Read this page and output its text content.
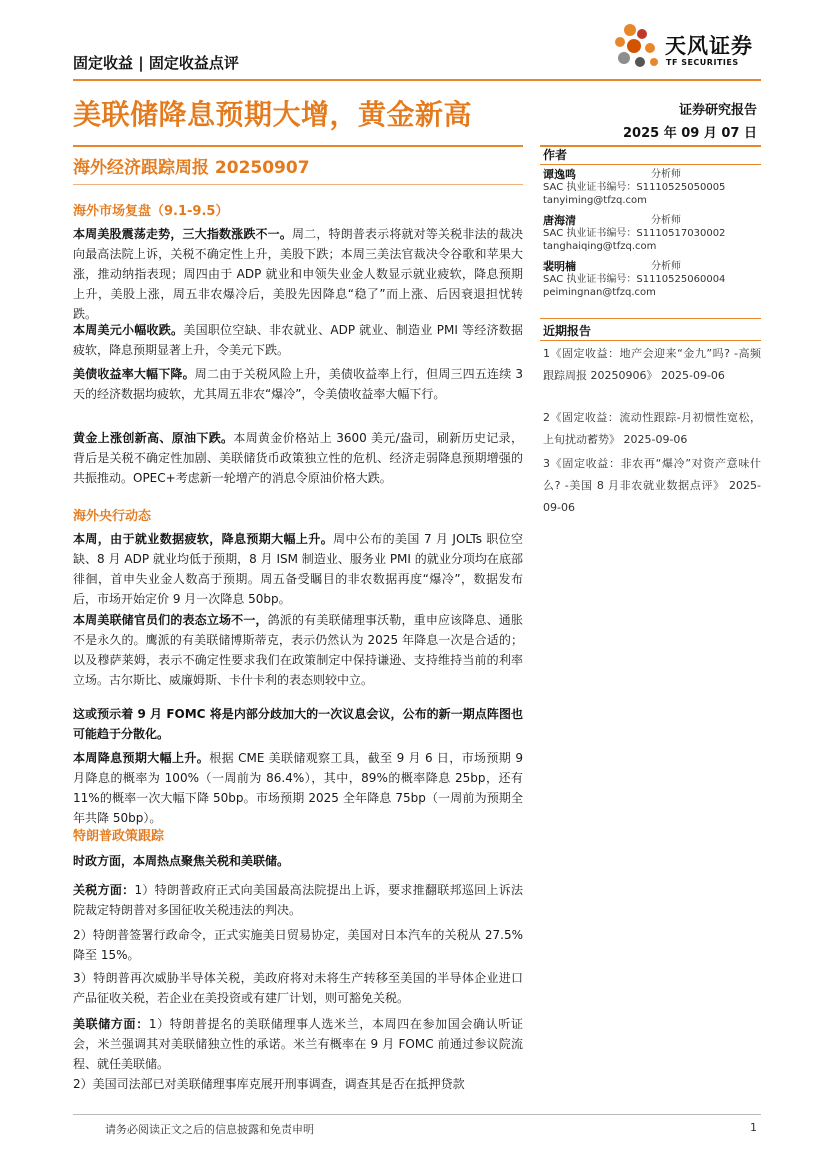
固定收益 | 固定收益点评
天风证券
TF SECURITIES
美联储降息预期大增，黄金新高	证券研究报告
2025 年 09 月 07 日
海外经济跟踪周报 20250907
作者
谭逸鸣	分析师
SAC 执业证书编号：S1110525050005
tanyiming@tfzq.com
唐海清	分析师
SAC 执业证书编号：S1110517030002
tanghaiqing@tfzq.com
裴明楠	分析师
SAC 执业证书编号：S1110525060004
peimingnan@tfzq.com
近期报告
1《固定收益：地产会迎来“金九”吗? -高频跟踪周报 20250906》 2025-09-06
2《固定收益：流动性跟踪-月初惯性宽松，上旬扰动蓄势》 2025-09-06
3《固定收益：非农再“爆冷”对资产意味什么? -美国 8 月非农就业数据点评》 2025-09-06

海外市场复盘（9.1-9.5）

本周美股震荡走势，三大指数涨跌不一。周二，特朗普表示将就对等关税非法的裁决向最高法院上诉，关税不确定性上升，美股下跌；本周三美法官裁决令谷歌和苹果大涨，推动纳指表现；周四由于 ADP 就业和申领失业金人数显示就业疲软，降息预期上升，美股上涨，周五非农爆冷后，美股先因降息“稳了”而上涨、后因衰退担忧转跌。

本周美元小幅收跌。美国职位空缺、非农就业、ADP 就业、制造业 PMI 等经济数据疲软，降息预期显著上升，令美元下跌。

美债收益率大幅下降。周二由于关税风险上升，美债收益率上行，但周三四五连续 3 天的经济数据均疲软，尤其周五非农“爆冷”，令美债收益率大幅下行。

黄金上涨创新高、原油下跌。本周黄金价格站上 3600 美元/盎司，刷新历史记录，背后是关税不确定性加剧、美联储货币政策独立性的危机、经济走弱降息预期增强的共振推动。OPEC+考虑新一轮增产的消息令原油价格大跌。

海外央行动态

本周，由于就业数据疲软，降息预期大幅上升。周中公布的美国 7 月 JOLTs 职位空缺、8 月 ADP 就业均低于预期，8 月 ISM 制造业、服务业 PMI 的就业分项均在底部徘徊，首申失业金人数高于预期。周五备受瞩目的非农数据再度“爆冷”，数据发布后，市场开始定价 9 月一次降息 50bp。

本周美联储官员们的表态立场不一，鸽派的有美联储理事沃勒，重申应该降息、通胀不是永久的。鹰派的有美联储博斯蒂克，表示仍然认为 2025 年降息一次是合适的；以及穆萨莱姆，表示不确定性要求我们在政策制定中保持谦逊、支持维持当前的利率立场。古尔斯比、威廉姆斯、卡什卡利的表态则较中立。

这或预示着 9 月 FOMC 将是内部分歧加大的一次议息会议，公布的新一期点阵图也可能趋于分散化。

本周降息预期大幅上升。根据 CME 美联储观察工具，截至 9 月 6 日，市场预期 9 月降息的概率为 100%（一周前为 86.4%），其中，89%的概率降息 25bp，还有 11%的概率一次大幅下降 50bp。市场预期 2025 全年降息 75bp（一周前为预期全年共降 50bp）。

特朗普政策跟踪

时政方面，本周热点聚焦关税和美联储。

关税方面：1）特朗普政府正式向美国最高法院提出上诉，要求推翻联邦巡回上诉法院裁定特朗普对多国征收关税违法的判决。

2）特朗普签署行政命令，正式实施美日贸易协定，美国对日本汽车的关税从 27.5%降至 15%。

3）特朗普再次威胁半导体关税，美政府将对未将生产转移至美国的半导体企业进口产品征收关税，若企业在美投资或有建厂计划，则可豁免关税。

美联储方面：1）特朗普提名的美联储理事人选米兰，本周四在参加国会确认听证会，米兰强调其对美联储独立性的承诺。米兰有概率在 9 月 FOMC 前通过参议院流程、就任美联储。

2）美国司法部已对美联储理事库克展开刑事调查，调查其是否在抵押贷款

请务必阅读正文之后的信息披露和免责申明	1
